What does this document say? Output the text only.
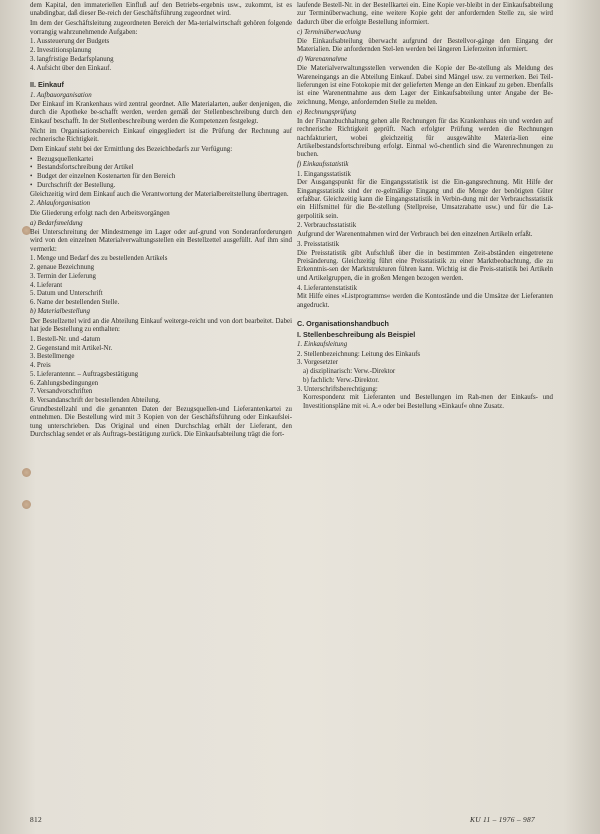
dem Kapital, den immateriellen Einfluß auf den Betriebs-ergebnis usw., zukommt, ist es unabdingbar, daß dieser Be-reich der Geschäftsführung zugeordnet wird.

Im dem der Geschäftsleitung zugeordneten Bereich der Ma-terialwirtschaft gehören folgende vorrangig wahrzunehmende Aufgaben:

1. Aussteuerung der Budgets
2. Investitionsplanung
3. langfristige Bedarfsplanung
4. Aufsicht über den Einkauf.
II. Einkauf
1. Aufbauorganisation

Der Einkauf im Krankenhaus wird zentral geordnet. Alle Materialarten, außer denjenigen, die durch die Apotheke be-schafft werden, werden gemäß der Stellenbeschreibung durch den Einkauf beschafft. In der Stellenbeschreibung werden die Kompetenzen festgelegt.

Nicht im Organisationsbereich Einkauf eingegliedert ist die Prüfung der Rechnung auf rechnerische Richtigkeit.

Dem Einkauf steht bei der Ermittlung des Bezeichbedarfs zur Verfügung:

• Bezugsquellenkartei
• Bestandsfortschreibung der Artikel
• Budget der einzelnen Kostenarten für den Bereich
• Durchschrift der Bestellung.

Gleichzeitig wird dem Einkauf auch die Verantwortung der Materialbereitstellung übertragen.

2. Ablauforganisation

Die Gliederung erfolgt nach den Arbeitsvorgängen

a) Bedarfsmeldung

Bei Unterschreitung der Mindestmenge im Lager oder auf-grund von Sonderanforderungen wird von den einzelnen Materialverwaltungsstellen ein Bestellzettel ausgefüllt. Auf ihm sind vermerkt:

1. Menge und Bedarf des zu bestellenden Artikels
2. genaue Bezeichnung
3. Termin der Lieferung
4. Lieferant
5. Datum und Unterschrift
6. Name der bestellenden Stelle.
b) Materialbestellung

Der Bestellzettel wird an die Abteilung Einkauf weiterge-reicht und von dort bearbeitet. Dabei hat jede Bestellung zu enthalten:

1. Bestell-Nr. und -datum
2. Gegenstand mit Artikel-Nr.
3. Bestellmenge
4. Preis
5. Lieferantennr. – Auftragsbestätigung
6. Zahlungsbedingungen
7. Versandvorschriften
8. Versandanschrift der bestellenden Abteilung.

Grundbestellzahl und die genannten Daten der Bezugsquellen-und Lieferantenkartei zu entnehmen. Die Bestellung wird mit 3 Kopien von der Geschäftsführung oder Einkaufslei-tung unterschrieben. Das Original und einen Durchschlag erhält der Lieferant, den Durchschlag sendet er als Auftrags-bestätigung zurück. Die Einkaufsabteilung trägt die fort-

laufende Bestell-Nr. in der Bestellkartei ein. Eine Kopie ver-bleibt in der Einkaufsabteilung zur Terminüberwachung, eine weitere Kopie geht der anfordernden Stelle zu, sie wird dadurch über die erfolgte Bestellung informiert.

c) Terminüberwachung

Die Einkaufsabteilung überwacht aufgrund der Bestellvor-gänge den Eingang der Materialien. Die anfordernden Stel-len werden bei längeren Lieferzeiten informiert.

d) Warenannahme

Die Materialverwaltungsstellen verwenden die Kopie der Be-stellung als Meldung des Wareneingangs an die Abteilung Einkauf. Dabei sind Mängel usw. zu vermerken. Bei Teil-lieferungen ist eine Fotokopie mit der gelieferten Menge an den Einkauf zu geben. Ebenfalls ist eine Warenentnahme aus dem Lager der Einkaufsabteilung unter Angabe der Be-zeichnung, Menge, anfordernden Stelle zu melden.

e) Rechnungsprüfung

In der Finanzbuchhaltung gehen alle Rechnungen für das Krankenhaus ein und werden auf rechnerische Richtigkeit geprüft. Nach erfolgter Prüfung werden die Rechnungen nachfakturiert, wobei gleichzeitig für ausgewählte Materia-lien eine Artikelbestandsfortschreibung erfolgt. Einmal wö-chentlich sind die Warenrechnungen zu buchen.

f) Einkaufsstatistik
1. Eingangsstatistik

Der Ausgangspunkt für die Eingangsstatistik ist die Ein-gangsrechnung. Mit Hilfe der Eingangsstatistik sind der re-gelmäßige Eingang und die Menge der benötigten Güter erfaßbar. Gleichzeitig kann die Eingangsstatistik in Verbin-dung mit der Verbrauchsstatistik ein Hilfsmittel für die Be-stellung (Stellpreise, Umsatzrabatte usw.) und für die La-gerpolitik sein.

2. Verbrauchsstatistik

Aufgrund der Warenentnahmen wird der Verbrauch bei den einzelnen Artikeln erfaßt.

3. Preisstatistik

Die Preisstatistik gibt Aufschluß über die in bestimmten Zeit-abständen eingetretene Preisänderung. Gleichzeitig führt eine Preisstatistik zu einer Marktbeobachtung, die zu Erkenntnis-sen der Marktstrukturen führen kann. Wichtig ist die Preis-statistik bei Artikeln und Artikelgruppen, die in großen Mengen bezogen werden.

4. Lieferantenstatistik

Mit Hilfe eines »Listprogramms« werden die Kontostände und die Umsätze der Lieferanten angedruckt.

C. Organisationshandbuch
I. Stellenbeschreibung als Beispiel
1. Einkaufsleitung
2. Stellenbezeichnung: Leitung des Einkaufs
3. Vorgesetzter
a) disziplinarisch: Verw.-Direktor
b) fachlich: Verw.-Direktor.
3. Unterschriftsberechtigung:

Korrespondenz mit Lieferanten und Bestellungen im Rah-men der Einkaufs- und Investitionspläne mit »i. A.« oder bei Bestellung »Einkauf« ohne Zusatz.

812	KU 11 – 1976 – 987
